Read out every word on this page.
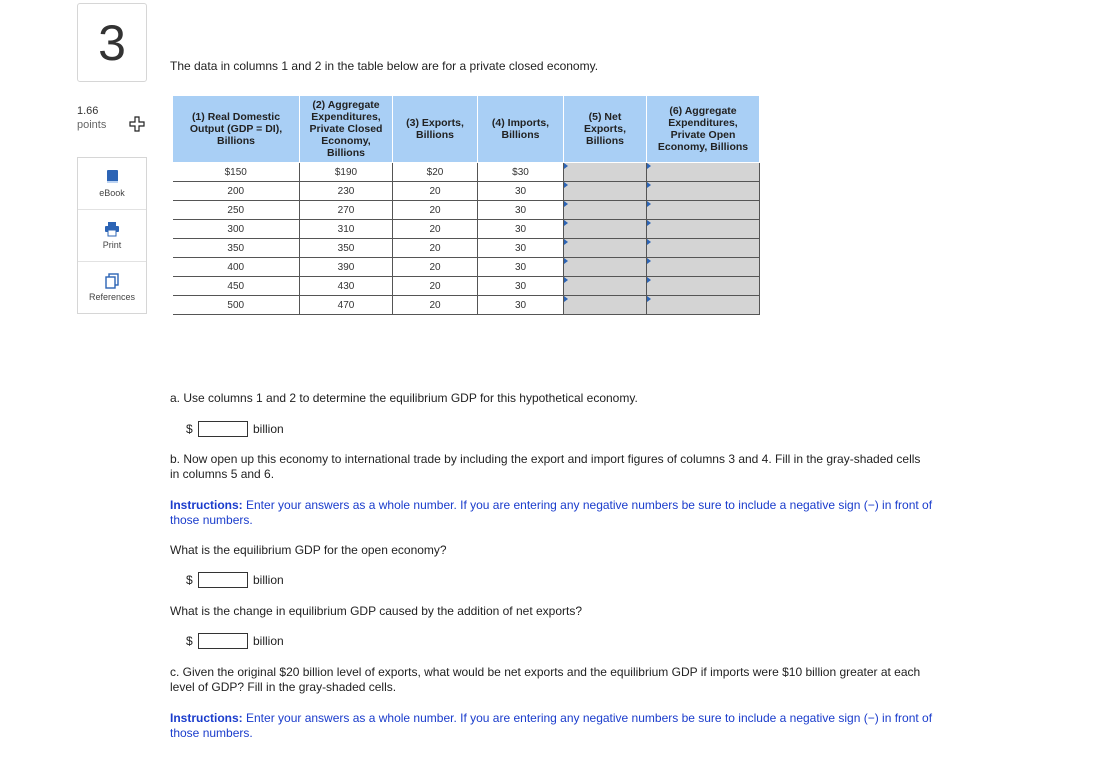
3
1.66
points
eBook
Print
References
The data in columns 1 and 2 in the table below are for a private closed economy.
(1) Real Domestic Output (GDP = DI), Billions	(2) Aggregate Expenditures, Private Closed Economy, Billions	(3) Exports, Billions	(4) Imports, Billions	(5) Net Exports, Billions	(6) Aggregate Expenditures, Private Open Economy, Billions
$150	$190	$20	$30		
200	230	20	30		
250	270	20	30		
300	310	20	30		
350	350	20	30		
400	390	20	30		
450	430	20	30		
500	470	20	30		
a. Use columns 1 and 2 to determine the equilibrium GDP for this hypothetical economy.
$	billion
b. Now open up this economy to international trade by including the export and import figures of columns 3 and 4. Fill in the gray-shaded cells in columns 5 and 6.
Instructions: Enter your answers as a whole number. If you are entering any negative numbers be sure to include a negative sign (−) in front of those numbers.
What is the equilibrium GDP for the open economy?
$	billion
What is the change in equilibrium GDP caused by the addition of net exports?
$	billion
c. Given the original $20 billion level of exports, what would be net exports and the equilibrium GDP if imports were $10 billion greater at each level of GDP? Fill in the gray-shaded cells.
Instructions: Enter your answers as a whole number. If you are entering any negative numbers be sure to include a negative sign (−) in front of those numbers.
